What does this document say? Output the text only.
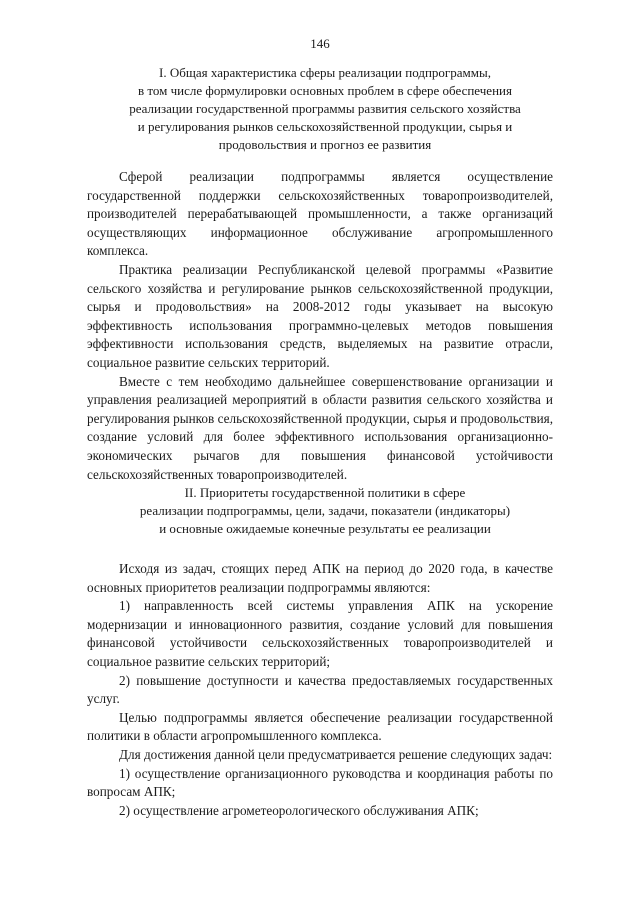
146
I. Общая характеристика сферы реализации подпрограммы,
в том числе формулировки основных проблем в сфере обеспечения
реализации государственной программы развития сельского хозяйства
и регулирования рынков сельскохозяйственной продукции, сырья и
продовольствия и прогноз ее развития

Сферой реализации подпрограммы является осуществление государственной поддержки сельскохозяйственных товаропроизводителей, производителей перерабатывающей промышленности, а также организаций осуществляющих информационное обслуживание агропромышленного комплекса.

Практика реализации Республиканской целевой программы «Развитие сельского хозяйства и регулирование рынков сельскохозяйственной продукции, сырья и продовольствия» на 2008-2012 годы указывает на высокую эффективность использования программно-целевых методов повышения эффективности использования средств, выделяемых на развитие отрасли, социальное развитие сельских территорий.

Вместе с тем необходимо дальнейшее совершенствование организации и управления реализацией мероприятий в области развития сельского хозяйства и регулирования рынков сельскохозяйственной продукции, сырья и продовольствия, создание условий для более эффективного использования организационно-экономических рычагов для повышения финансовой устойчивости сельскохозяйственных товаропроизводителей.

II. Приоритеты государственной политики в сфере
реализации подпрограммы, цели, задачи, показатели (индикаторы)
и основные ожидаемые конечные результаты ее реализации

Исходя из задач, стоящих перед АПК на период до 2020 года, в качестве основных приоритетов реализации подпрограммы являются:

1) направленность всей системы управления АПК на ускорение модернизации и инновационного развития, создание условий для повышения финансовой устойчивости сельскохозяйственных товаропроизводителей и социальное развитие сельских территорий;

2) повышение доступности и качества предоставляемых государственных услуг.

Целью подпрограммы является обеспечение реализации государственной политики в области агропромышленного комплекса.

Для достижения данной цели предусматривается решение следующих задач:

1) осуществление организационного руководства и координация работы по вопросам АПК;

2) осуществление агрометеорологического обслуживания АПК;
